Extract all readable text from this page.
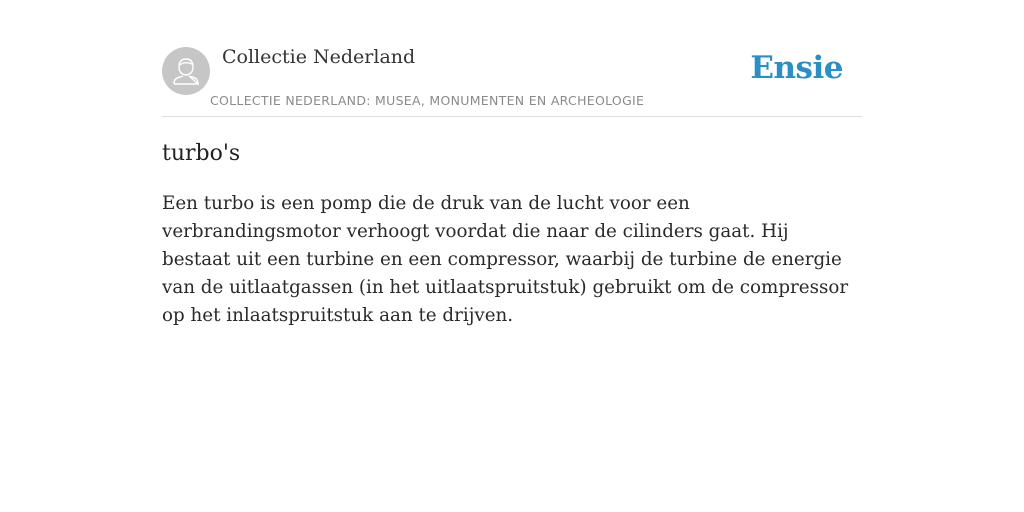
Collectie Nederland
COLLECTIE NEDERLAND: MUSEA, MONUMENTEN EN ARCHEOLOGIE
Ensie
turbo's

Een turbo is een pomp die de druk van de lucht voor een verbrandingsmotor verhoogt voordat die naar de cilinders gaat. Hij bestaat uit een turbine en een compressor, waarbij de turbine de energie van de uitlaatgassen (in het uitlaatspruitstuk) gebruikt om de compressor op het inlaatspruitstuk aan te drijven.
